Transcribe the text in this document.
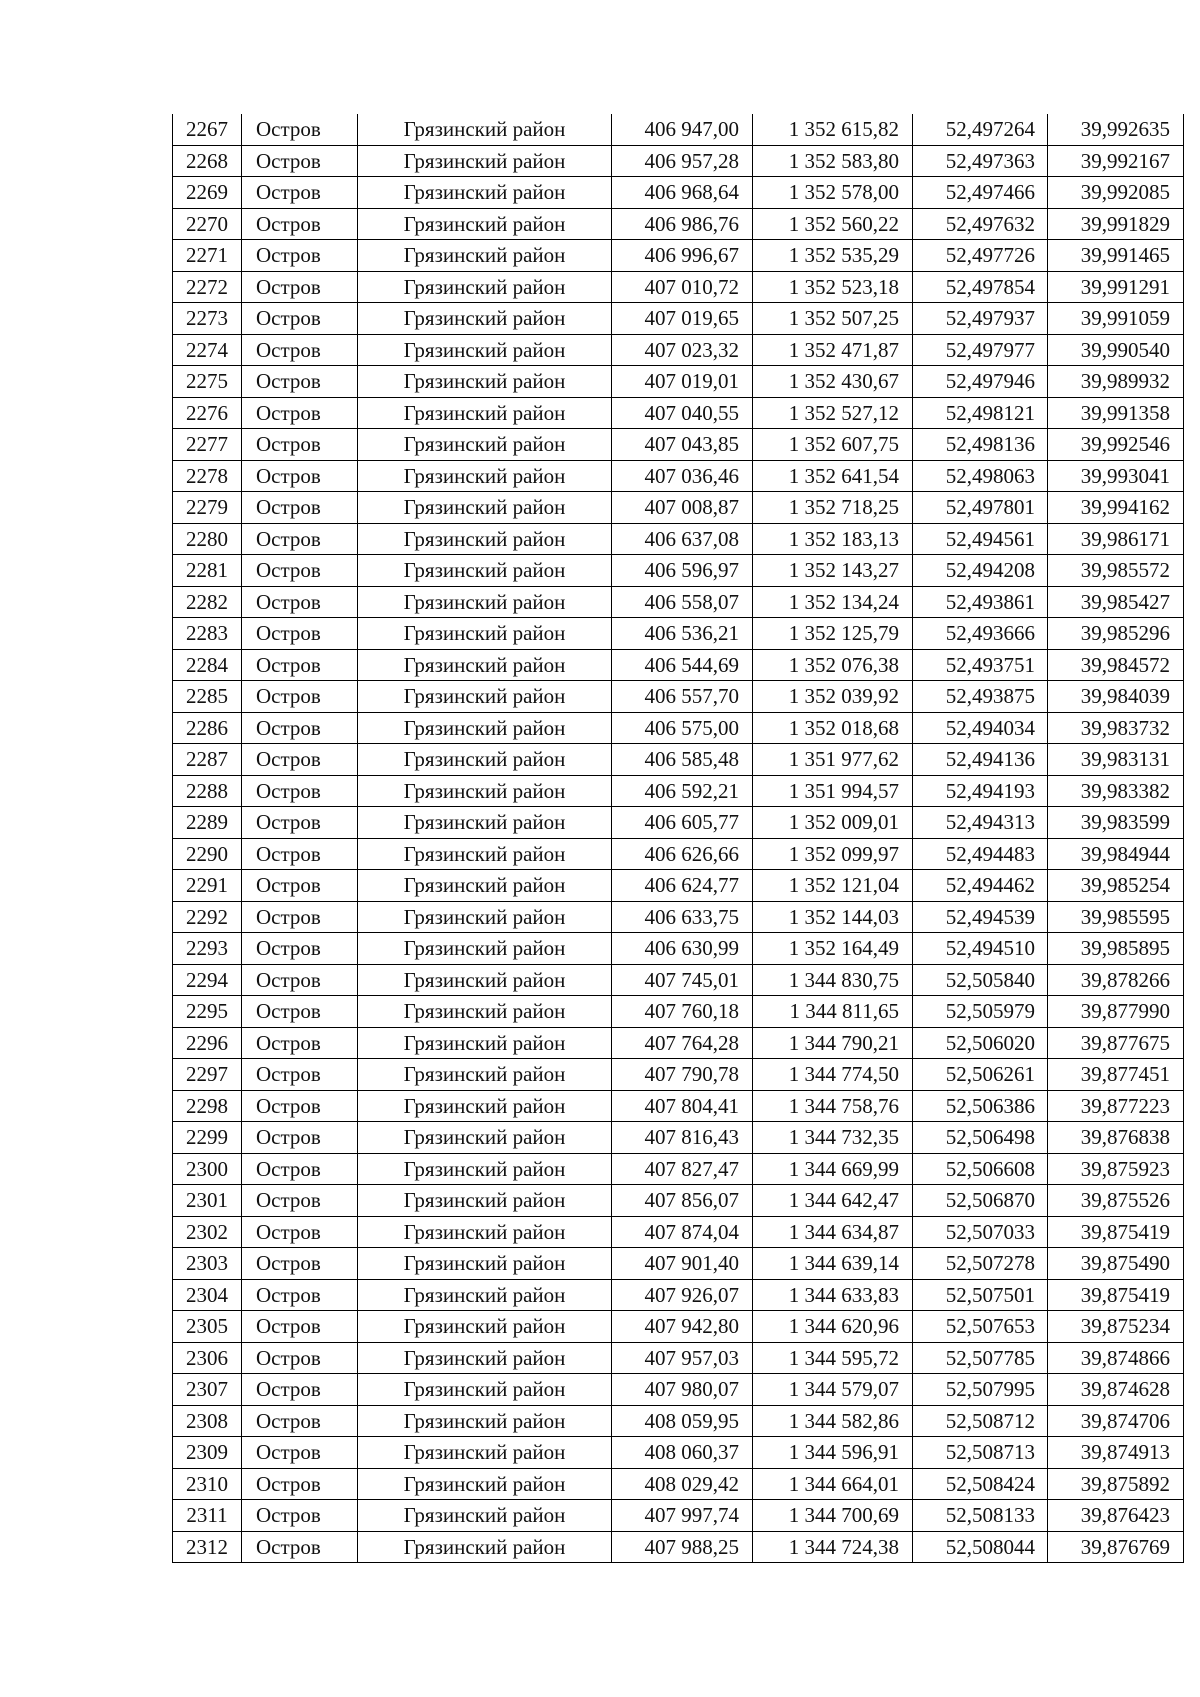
2267	Остров	Грязинский район	406 947,00	1 352 615,82	52,497264	39,992635
2268	Остров	Грязинский район	406 957,28	1 352 583,80	52,497363	39,992167
2269	Остров	Грязинский район	406 968,64	1 352 578,00	52,497466	39,992085
2270	Остров	Грязинский район	406 986,76	1 352 560,22	52,497632	39,991829
2271	Остров	Грязинский район	406 996,67	1 352 535,29	52,497726	39,991465
2272	Остров	Грязинский район	407 010,72	1 352 523,18	52,497854	39,991291
2273	Остров	Грязинский район	407 019,65	1 352 507,25	52,497937	39,991059
2274	Остров	Грязинский район	407 023,32	1 352 471,87	52,497977	39,990540
2275	Остров	Грязинский район	407 019,01	1 352 430,67	52,497946	39,989932
2276	Остров	Грязинский район	407 040,55	1 352 527,12	52,498121	39,991358
2277	Остров	Грязинский район	407 043,85	1 352 607,75	52,498136	39,992546
2278	Остров	Грязинский район	407 036,46	1 352 641,54	52,498063	39,993041
2279	Остров	Грязинский район	407 008,87	1 352 718,25	52,497801	39,994162
2280	Остров	Грязинский район	406 637,08	1 352 183,13	52,494561	39,986171
2281	Остров	Грязинский район	406 596,97	1 352 143,27	52,494208	39,985572
2282	Остров	Грязинский район	406 558,07	1 352 134,24	52,493861	39,985427
2283	Остров	Грязинский район	406 536,21	1 352 125,79	52,493666	39,985296
2284	Остров	Грязинский район	406 544,69	1 352 076,38	52,493751	39,984572
2285	Остров	Грязинский район	406 557,70	1 352 039,92	52,493875	39,984039
2286	Остров	Грязинский район	406 575,00	1 352 018,68	52,494034	39,983732
2287	Остров	Грязинский район	406 585,48	1 351 977,62	52,494136	39,983131
2288	Остров	Грязинский район	406 592,21	1 351 994,57	52,494193	39,983382
2289	Остров	Грязинский район	406 605,77	1 352 009,01	52,494313	39,983599
2290	Остров	Грязинский район	406 626,66	1 352 099,97	52,494483	39,984944
2291	Остров	Грязинский район	406 624,77	1 352 121,04	52,494462	39,985254
2292	Остров	Грязинский район	406 633,75	1 352 144,03	52,494539	39,985595
2293	Остров	Грязинский район	406 630,99	1 352 164,49	52,494510	39,985895
2294	Остров	Грязинский район	407 745,01	1 344 830,75	52,505840	39,878266
2295	Остров	Грязинский район	407 760,18	1 344 811,65	52,505979	39,877990
2296	Остров	Грязинский район	407 764,28	1 344 790,21	52,506020	39,877675
2297	Остров	Грязинский район	407 790,78	1 344 774,50	52,506261	39,877451
2298	Остров	Грязинский район	407 804,41	1 344 758,76	52,506386	39,877223
2299	Остров	Грязинский район	407 816,43	1 344 732,35	52,506498	39,876838
2300	Остров	Грязинский район	407 827,47	1 344 669,99	52,506608	39,875923
2301	Остров	Грязинский район	407 856,07	1 344 642,47	52,506870	39,875526
2302	Остров	Грязинский район	407 874,04	1 344 634,87	52,507033	39,875419
2303	Остров	Грязинский район	407 901,40	1 344 639,14	52,507278	39,875490
2304	Остров	Грязинский район	407 926,07	1 344 633,83	52,507501	39,875419
2305	Остров	Грязинский район	407 942,80	1 344 620,96	52,507653	39,875234
2306	Остров	Грязинский район	407 957,03	1 344 595,72	52,507785	39,874866
2307	Остров	Грязинский район	407 980,07	1 344 579,07	52,507995	39,874628
2308	Остров	Грязинский район	408 059,95	1 344 582,86	52,508712	39,874706
2309	Остров	Грязинский район	408 060,37	1 344 596,91	52,508713	39,874913
2310	Остров	Грязинский район	408 029,42	1 344 664,01	52,508424	39,875892
2311	Остров	Грязинский район	407 997,74	1 344 700,69	52,508133	39,876423
2312	Остров	Грязинский район	407 988,25	1 344 724,38	52,508044	39,876769
